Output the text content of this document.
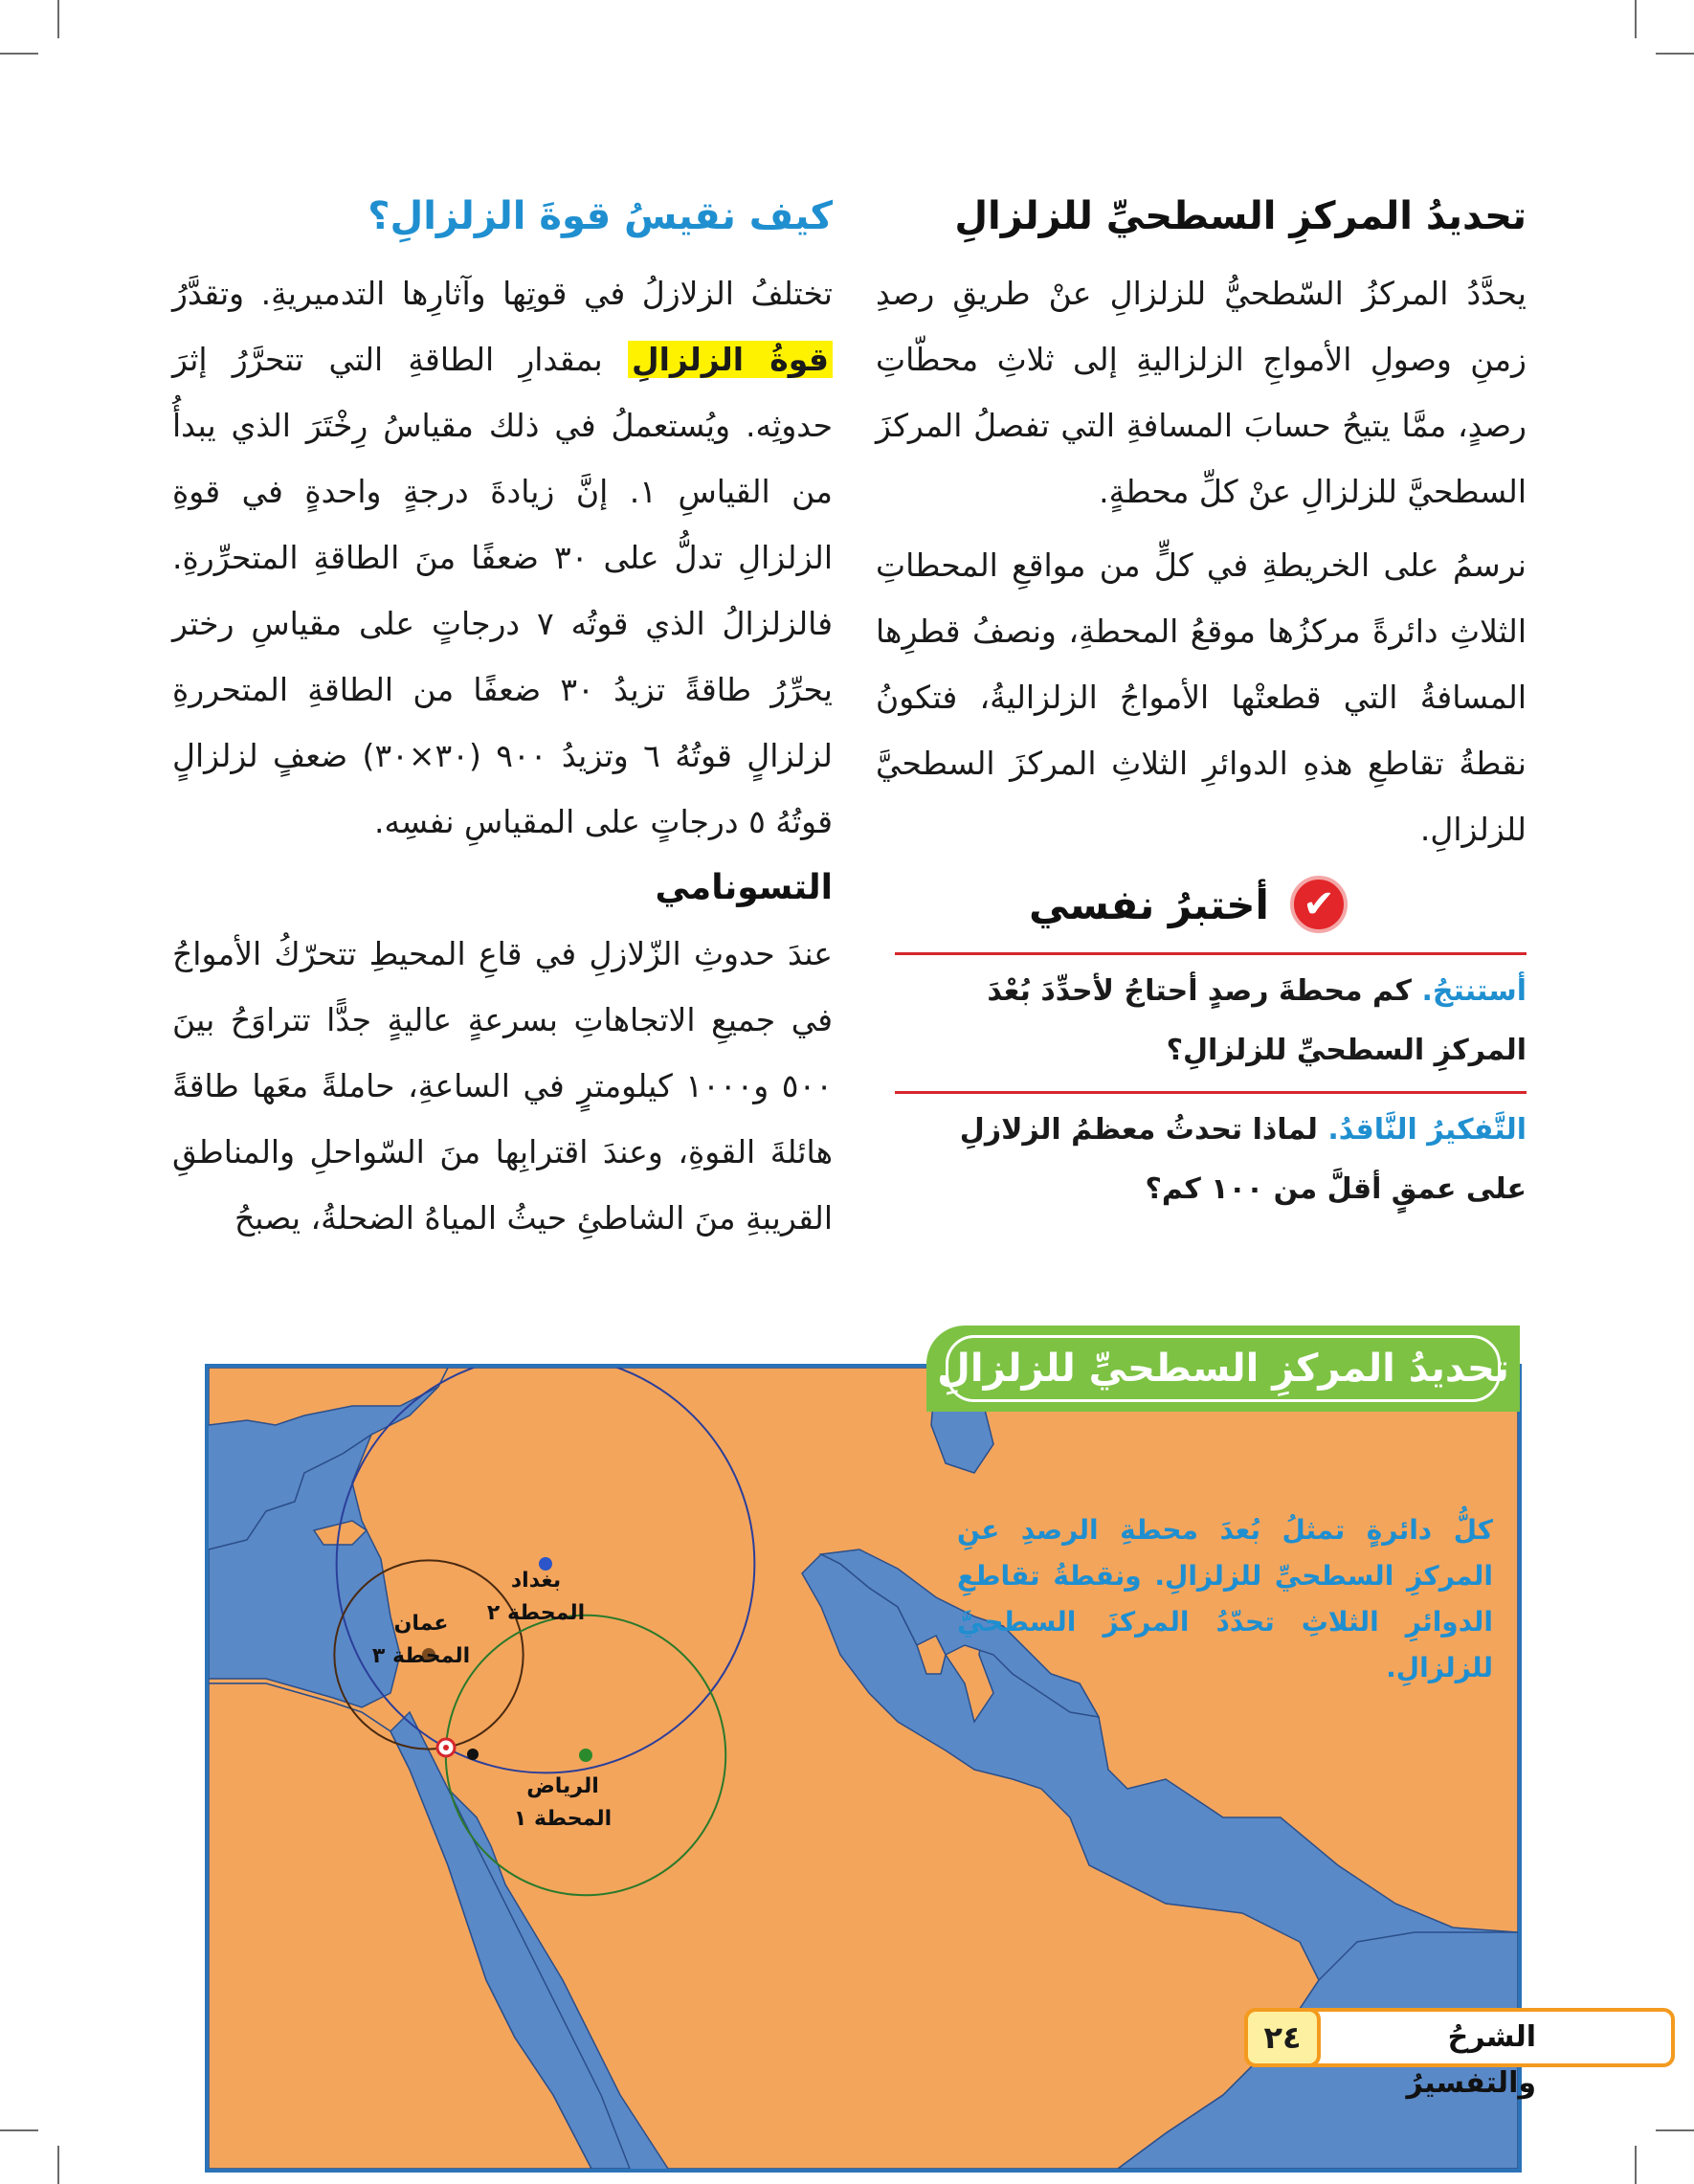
تحديدُ المركزِ السطحيِّ للزلزالِ

يحدَّدُ المركزُ السّطحيُّ للزلزالِ عنْ طريقِ رصدِ زمنِ وصولِ الأمواجِ الزلزاليةِ إلى ثلاثِ محطّاتِ رصدٍ، ممَّا يتيحُ حسابَ المسافةِ التي تفصلُ المركزَ السطحيَّ للزلزالِ عنْ كلِّ محطةٍ.

نرسمُ على الخريطةِ في كلٍّ من مواقعِ المحطاتِ الثلاثِ دائرةً مركزُها موقعُ المحطةِ، ونصفُ قطرِها المسافةُ التي قطعتْها الأمواجُ الزلزاليةُ، فتكونُ نقطةُ تقاطعِ هذهِ الدوائرِ الثلاثِ المركزَ السطحيَّ للزلزالِ.

كيف نقيسُ قوةَ الزلزالِ؟

تختلفُ الزلازلُ في قوتِها وآثارِها التدميريةِ. وتقدَّرُ قوةُ الزلزالِ بمقدارِ الطاقةِ التي تتحرَّرُ إثرَ حدوثِه. ويُستعملُ في ذلك مقياسُ رِخْتَرَ الذي يبدأُ من القياسِ ١. إنَّ زيادةَ درجةٍ واحدةٍ في قوةِ الزلزالِ تدلُّ على ٣٠ ضعفًا منَ الطاقةِ المتحرِّرةِ. فالزلزالُ الذي قوتُه ٧ درجاتٍ على مقياسِ رختر يحرِّرُ طاقةً تزيدُ ٣٠ ضعفًا من الطاقةِ المتحررةِ لزلزالٍ قوتُهُ ٦ وتزيدُ ٩٠٠ (٣٠×٣٠) ضعفٍ لزلزالٍ قوتُهُ ٥ درجاتٍ على المقياسِ نفسِه.

التسونامي

عندَ حدوثِ الزّلازلِ في قاعِ المحيطِ تتحرّكُ الأمواجُ في جميعِ الاتجاهاتِ بسرعةٍ عاليةٍ جدًّا تتراوَحُ بينَ ٥٠٠ و١٠٠٠ كيلومترٍ في الساعةِ، حاملةً معَها طاقةً هائلةَ القوةِ، وعندَ اقترابِها منَ السّواحلِ والمناطقِ القريبةِ منَ الشاطئِ حيثُ المياهُ الضحلةُ، يصبحُ

✔
أختبرُ نفسي
أستنتجُ. كم محطةَ رصدٍ أحتاجُ لأحدِّدَ بُعْدَ المركزِ السطحيِّ للزلزالِ؟
التَّفكيرُ النَّاقدُ. لماذا تحدثُ معظمُ الزلازلِ على عمقٍ أقلَّ من ١٠٠ كم؟
بغداد
المحطة ٢
عمان
المحطة ٣
الرياض
المحطة ١
تحديدُ المركزِ السطحيِّ للزلزالِ
كلُّ دائرةٍ تمثلُ بُعدَ محطةِ الرصدِ عنِ المركزِ السطحيِّ للزلزالِ. ونقطةُ تقاطعِ الدوائرِ الثلاثِ تحدّدُ المركزَ السطحيَّ للزلزالِ.
الشرحُ والتفسيرُ
٢٤
